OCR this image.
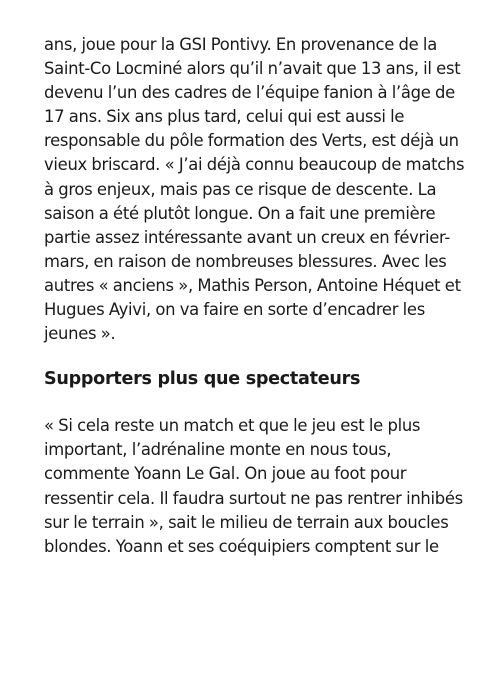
ans, joue pour la GSI Pontivy. En provenance de la
Saint-Co Locminé alors qu’il n’avait que 13 ans, il est
devenu l’un des cadres de l’équipe fanion à l’âge de
17 ans. Six ans plus tard, celui qui est aussi le
responsable du pôle formation des Verts, est déjà un
vieux briscard. « J’ai déjà connu beaucoup de matchs
à gros enjeux, mais pas ce risque de descente. La
saison a été plutôt longue. On a fait une première
partie assez intéressante avant un creux en février-
mars, en raison de nombreuses blessures. Avec les
autres « anciens », Mathis Person, Antoine Héquet et
Hugues Ayivi, on va faire en sorte d’encadrer les
jeunes ».

Supporters plus que spectateurs

« Si cela reste un match et que le jeu est le plus
important, l’adrénaline monte en nous tous,
commente Yoann Le Gal. On joue au foot pour
ressentir cela. Il faudra surtout ne pas rentrer inhibés
sur le terrain », sait le milieu de terrain aux boucles
blondes. Yoann et ses coéquipiers comptent sur le
